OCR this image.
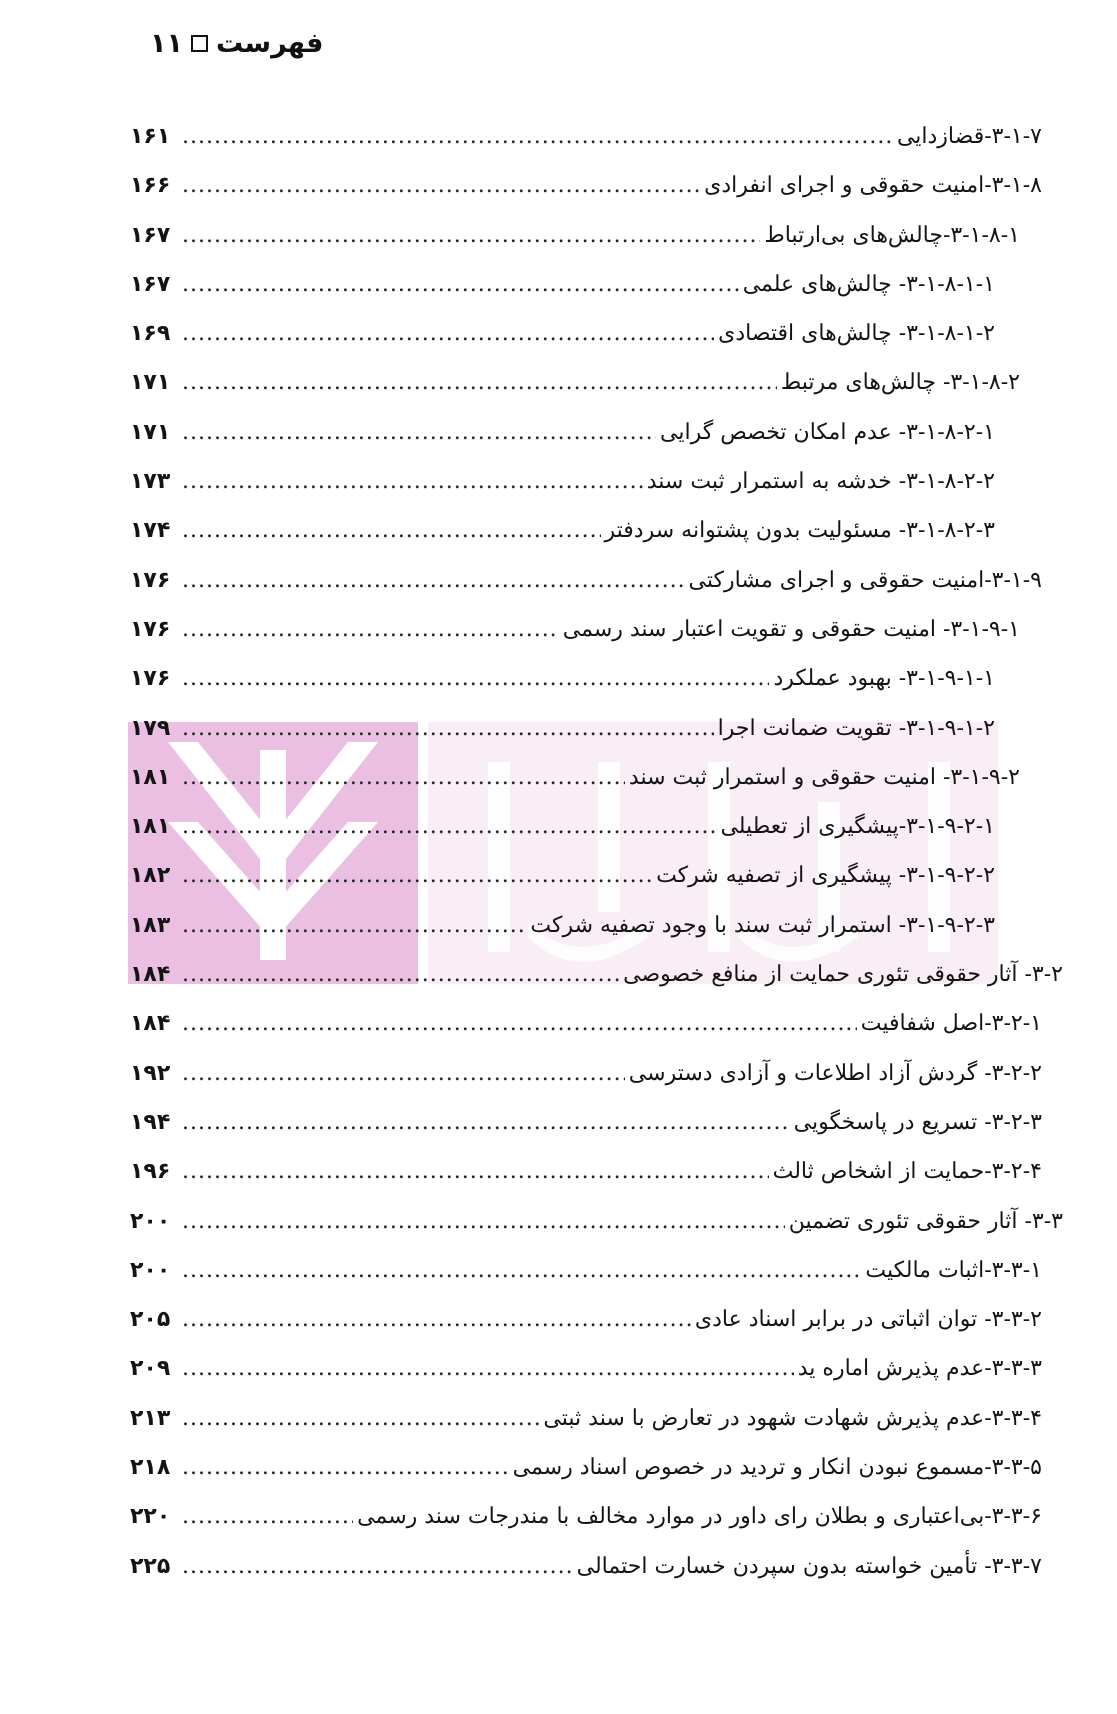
۱۱ فهرست
۳-۱-۷-قضازدایی
.....
۱۶۱
۳-۱-۸-امنیت حقوقی و اجرای انفرادی
.....
۱۶۶
۳-۱-۸-۱-چالش‌های بی‌ارتباط
.....
۱۶۷
۳-۱-۸-۱-۱- چالش‌های علمی
.....
۱۶۷
۳-۱-۸-۱-۲- چالش‌های اقتصادی
.....
۱۶۹
۳-۱-۸-۲- چالش‌های مرتبط
.....
۱۷۱
۳-۱-۸-۲-۱- عدم امکان تخصص گرایی
.....
۱۷۱
۳-۱-۸-۲-۲- خدشه به استمرار ثبت سند
.....
۱۷۳
۳-۱-۸-۲-۳- مسئولیت بدون پشتوانه سردفتر
.....
۱۷۴
۳-۱-۹-امنیت حقوقی و اجرای مشارکتی
.....
۱۷۶
۳-۱-۹-۱- امنیت حقوقی و تقویت اعتبار سند رسمی
.....
۱۷۶
۳-۱-۹-۱-۱- بهبود عملکرد
.....
۱۷۶
۳-۱-۹-۱-۲- تقویت ضمانت اجرا
.....
۱۷۹
۳-۱-۹-۲- امنیت حقوقی و استمرار ثبت سند
.....
۱۸۱
۳-۱-۹-۲-۱-پیشگیری از تعطیلی
.....
۱۸۱
۳-۱-۹-۲-۲- پیشگیری از تصفیه شرکت
.....
۱۸۲
۳-۱-۹-۲-۳- استمرار ثبت سند با وجود تصفیه شرکت
.....
۱۸۳
۳-۲- آثار حقوقی تئوری حمایت از منافع خصوصی
.....
۱۸۴
۳-۲-۱-اصل شفافیت
.....
۱۸۴
۳-۲-۲- گردش آزاد اطلاعات و آزادی دسترسی
.....
۱۹۲
۳-۲-۳- تسریع در پاسخگویی
.....
۱۹۴
۳-۲-۴-حمایت از اشخاص ثالث
.....
۱۹۶
۳-۳- آثار حقوقی تئوری تضمین
.....
۲۰۰
۳-۳-۱-اثبات مالکیت
.....
۲۰۰
۳-۳-۲- توان اثباتی در برابر اسناد عادی
.....
۲۰۵
۳-۳-۳-عدم پذیرش اماره ید
.....
۲۰۹
۳-۳-۴-عدم پذیرش شهادت شهود در تعارض با سند ثبتی
.....
۲۱۳
۳-۳-۵-مسموع نبودن انکار و تردید در خصوص اسناد رسمی
.....
۲۱۸
۳-۳-۶-بی‌اعتباری و بطلان رای داور در موارد مخالف با مندرجات سند رسمی
.....
۲۲۰
۳-۳-۷- تأمین خواسته بدون سپردن خسارت احتمالی
.....
۲۲۵
